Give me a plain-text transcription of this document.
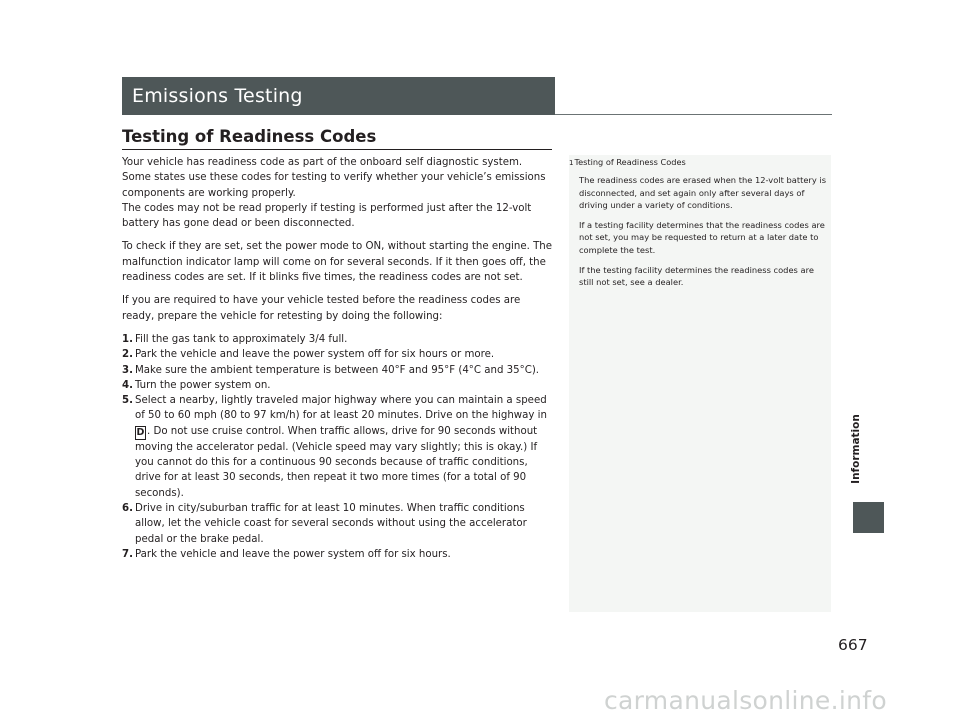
Emissions Testing
Testing of Readiness Codes

Your vehicle has readiness code as part of the onboard self diagnostic system. Some states use these codes for testing to verify whether your vehicle’s emissions components are working properly.

The codes may not be read properly if testing is performed just after the 12-volt battery has gone dead or been disconnected.

To check if they are set, set the power mode to ON, without starting the engine. The malfunction indicator lamp will come on for several seconds. If it then goes off, the readiness codes are set. If it blinks five times, the readiness codes are not set.

If you are required to have your vehicle tested before the readiness codes are ready, prepare the vehicle for retesting by doing the following:

1. Fill the gas tank to approximately 3/4 full.
2. Park the vehicle and leave the power system off for six hours or more.
3. Make sure the ambient temperature is between 40°F and 95°F (4°C and 35°C).
4. Turn the power system on.
5. Select a nearby, lightly traveled major highway where you can maintain a speed of 50 to 60 mph (80 to 97 km/h) for at least 20 minutes. Drive on the highway in D . Do not use cruise control. When traffic allows, drive for 90 seconds without moving the accelerator pedal. (Vehicle speed may vary slightly; this is okay.) If you cannot do this for a continuous 90 seconds because of traffic conditions, drive for at least 30 seconds, then repeat it two more times (for a total of 90 seconds).
6. Drive in city/suburban traffic for at least 10 minutes. When traffic conditions allow, let the vehicle coast for several seconds without using the accelerator pedal or the brake pedal.
7. Park the vehicle and leave the power system off for six hours.
1Testing of Readiness Codes

The readiness codes are erased when the 12-volt battery is disconnected, and set again only after several days of driving under a variety of conditions.

If a testing facility determines that the readiness codes are not set, you may be requested to return at a later date to complete the test.

If the testing facility determines the readiness codes are still not set, see a dealer.

Information
667
carmanualsonline.info
